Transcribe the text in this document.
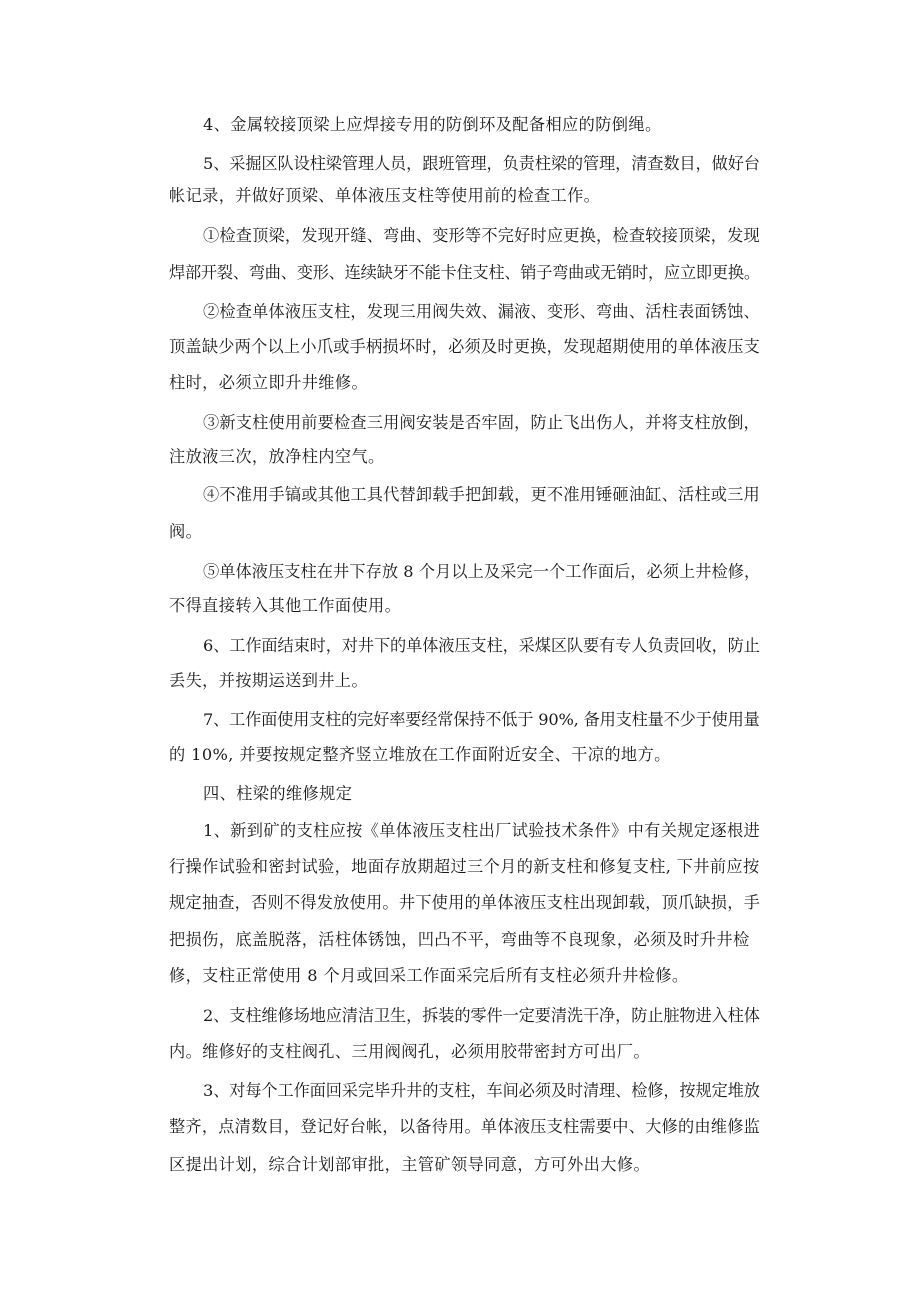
4、金属较接顶梁上应焊接专用的防倒环及配备相应的防倒绳。

5、采掘区队设柱梁管理人员，跟班管理，负责柱梁的管理，清查数目，做好台

帐记录，并做好顶梁、单体液压支柱等使用前的检查工作。

①检查顶梁，发现开缝、弯曲、变形等不完好时应更换，检查较接顶梁，发现

焊部开裂、弯曲、变形、连续缺牙不能卡住支柱、销子弯曲或无销时，应立即更换。

②检查单体液压支柱，发现三用阀失效、漏液、变形、弯曲、活柱表面锈蚀、

顶盖缺少两个以上小爪或手柄损坏时，必须及时更换，发现超期使用的单体液压支

柱时，必须立即升井维修。

③新支柱使用前要检查三用阀安装是否牢固，防止飞出伤人，并将支柱放倒，

注放液三次，放净柱内空气。

④不准用手镐或其他工具代替卸载手把卸载，更不准用锤砸油缸、活柱或三用

阀。

⑤单体液压支柱在井下存放 8 个月以上及采完一个工作面后，必须上井检修，

不得直接转入其他工作面使用。

6、工作面结束时，对井下的单体液压支柱，采煤区队要有专人负责回收，防止

丢失，并按期运送到井上。

7、工作面使用支柱的完好率要经常保持不低于 90%, 备用支柱量不少于使用量

的 10%, 并要按规定整齐竖立堆放在工作面附近安全、干凉的地方。

四、柱梁的维修规定

1、新到矿的支柱应按《单体液压支柱出厂试验技术条件》中有关规定逐根进

行操作试验和密封试验，地面存放期超过三个月的新支柱和修复支柱, 下井前应按

规定抽查，否则不得发放使用。井下使用的单体液压支柱出现卸载，顶爪缺损，手

把损伤，底盖脱落，活柱体锈蚀，凹凸不平，弯曲等不良现象，必须及时升井检

修，支柱正常使用 8 个月或回采工作面采完后所有支柱必须升井检修。

2、支柱维修场地应清洁卫生，拆装的零件一定要清洗干净，防止脏物进入柱体

内。维修好的支柱阀孔、三用阀阀孔，必须用胶带密封方可出厂。

3、对每个工作面回采完毕升井的支柱，车间必须及时清理、检修，按规定堆放

整齐，点清数目，登记好台帐，以备待用。单体液压支柱需要中、大修的由维修监

区提出计划，综合计划部审批，主管矿领导同意，方可外出大修。
